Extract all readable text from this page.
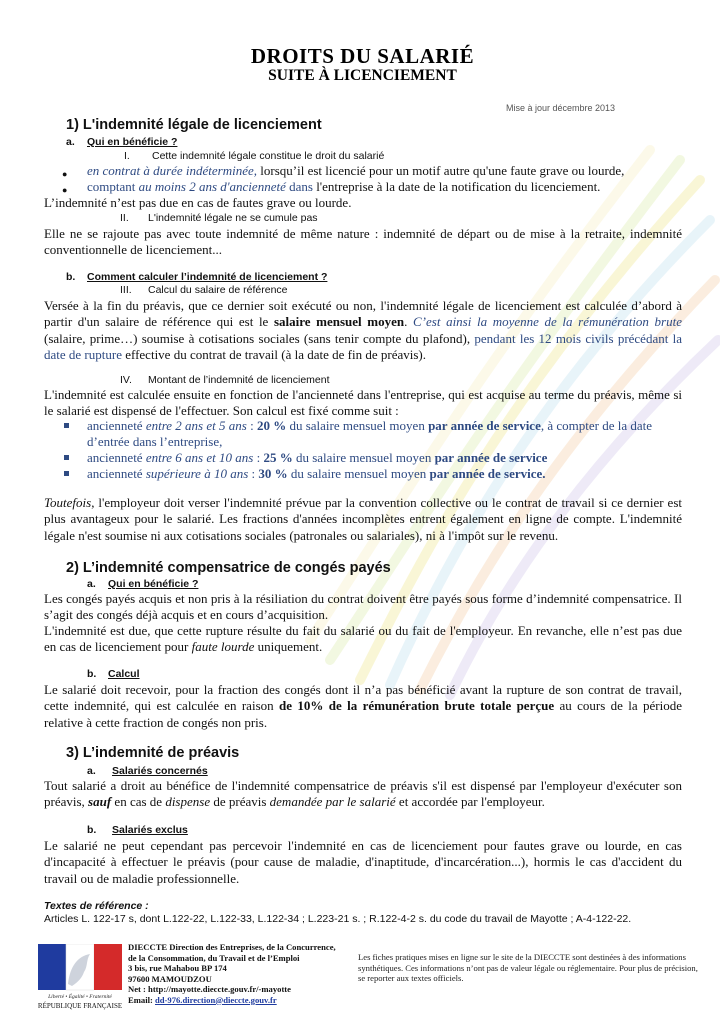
DROITS DU SALARIÉ
SUITE À LICENCIEMENT
Mise à jour décembre 2013
1) L'indemnité légale de licenciement
a. Qui en bénéficie ?
I. Cette indemnité légale constitue le droit du salarié
● en contrat à durée indéterminée, lorsqu’il est licencié pour un motif autre qu'une faute grave ou lourde,
● comptant au moins 2 ans d'ancienneté dans l'entreprise à la date de la notification du licenciement.
L’indemnité n’est pas due en cas de fautes grave ou lourde.
II. L'indemnité légale ne se cumule pas
Elle ne se rajoute pas avec toute indemnité de même nature : indemnité de départ ou de mise à la retraite, indemnité conventionnelle de licenciement...
b. Comment calculer l’indemnité de licenciement ?
III. Calcul du salaire de référence
Versée à la fin du préavis, que ce dernier soit exécuté ou non, l'indemnité légale de licenciement est calculée d’abord à partir d'un salaire de référence qui est le salaire mensuel moyen. C’est ainsi la moyenne de la rémunération brute (salaire, prime…) soumise à cotisations sociales (sans tenir compte du plafond), pendant les 12 mois civils précédant la date de rupture effective du contrat de travail (à la date de fin de préavis).
IV. Montant de l’indemnité de licenciement
L'indemnité est calculée ensuite en fonction de l'ancienneté dans l'entreprise, qui est acquise au terme du préavis, même si le salarié est dispensé de l'effectuer. Son calcul est fixé comme suit :
ancienneté entre 2 ans et 5 ans : 20 % du salaire mensuel moyen par année de service, à compter de la date d’entrée dans l’entreprise,
ancienneté entre 6 ans et 10 ans : 25 % du salaire mensuel moyen par année de service
ancienneté supérieure à 10 ans : 30 % du salaire mensuel moyen par année de service.
Toutefois, l'employeur doit verser l'indemnité prévue par la convention collective ou le contrat de travail si ce dernier est plus avantageux pour le salarié. Les fractions d'années incomplètes entrent également en ligne de compte. L'indemnité légale n'est soumise ni aux cotisations sociales (patronales ou salariales), ni à l'impôt sur le revenu.
2) L’indemnité compensatrice de congés payés
a. Qui en bénéficie ?
Les congés payés acquis et non pris à la résiliation du contrat doivent être payés sous forme d’indemnité compensatrice. Il s’agit des congés déjà acquis et en cours d’acquisition.
L'indemnité est due, que cette rupture résulte du fait du salarié ou du fait de l'employeur. En revanche, elle n’est pas due en cas de licenciement pour faute lourde uniquement.
b. Calcul
Le salarié doit recevoir, pour la fraction des congés dont il n’a pas bénéficié avant la rupture de son contrat de travail, cette indemnité, qui est calculée en raison de 10% de la rémunération brute totale perçue au cours de la période relative à cette fraction de congés non pris.
3) L’indemnité de préavis
a. Salariés concernés
Tout salarié a droit au bénéfice de l'indemnité compensatrice de préavis s'il est dispensé par l'employeur d'exécuter son préavis, sauf en cas de dispense de préavis demandée par le salarié et accordée par l'employeur.
b. Salariés exclus
Le salarié ne peut cependant pas percevoir l'indemnité en cas de licenciement pour fautes grave ou lourde, en cas d'incapacité à effectuer le préavis (pour cause de maladie, d'inaptitude, d'incarcération...), hormis le cas d'accident du travail ou de maladie professionnelle.
Textes de référence :
Articles L. 122-17 s, dont L.122-22, L.122-33, L.122-34 ; L.223-21 s. ; R.122-4-2 s. du code du travail de Mayotte ; A-4-122-22.
Liberté • Égalité • Fraternité
RÉPUBLIQUE FRANÇAISE
DIECCTE Direction des Entreprises, de la Concurrence,
de la Consommation, du Travail et de l’Emploi
3 bis, rue Mahabou BP 174
97600 MAMOUDZOU
Net : http://mayotte.dieccte.gouv.fr/-mayotte
Email: dd-976.direction@dieccte.gouv.fr
Les fiches pratiques mises en ligne sur le site de la DIECCTE sont destinées à des informations synthétiques. Ces informations n’ont pas de valeur légale ou réglementaire. Pour plus de précision, se reporter aux textes officiels.
